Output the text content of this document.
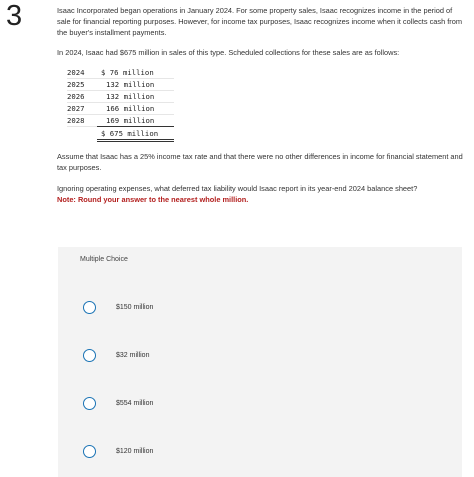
3	Isaac Incorporated began operations in January 2024. For some property sales, Isaac recognizes income in the period of sale for financial reporting purposes. However, for income tax purposes, Isaac recognizes income when it collects cash from the buyer's installment payments.

In 2024, Isaac had $675 million in sales of this type. Scheduled collections for these sales are as follows:

2024	$ 76 million
2025	132 million
2026	132 million
2027	166 million
2028	169 million
	$ 675 million

Assume that Isaac has a 25% income tax rate and that there were no other differences in income for financial statement and tax purposes.

Ignoring operating expenses, what deferred tax liability would Isaac report in its year-end 2024 balance sheet?

Note: Round your answer to the nearest whole million.

Multiple Choice
$150 million
$32 million
$554 million
$120 million
